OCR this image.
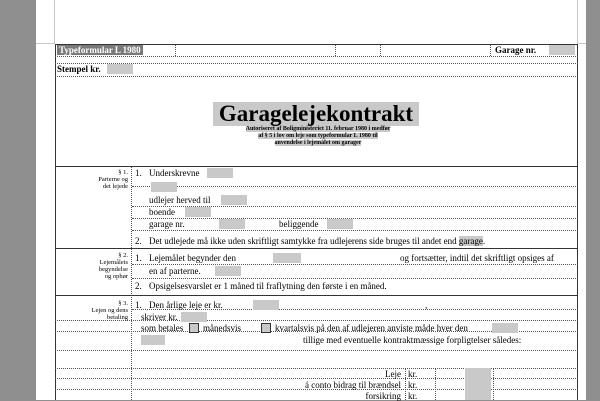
Typeformular L 1980	Garage nr.
Stempel kr.
Garagelejekontrakt
Autoriseret af Boligministeriet 11. februar 1980 i medfør
af § 5 i lov om leje som typeformular L 1980 til
anvendelse i lejemålet om garager
§ 1.
Parterne og
det lejede
1. Underskrevne
udlejer herved til
boende
garage nr.	beliggende
2. Det udlejede må ikke uden skriftligt samtykke fra udlejerens side bruges til andet end garage.
§ 2.
Lejemålets
begyndelse
og ophør
1. Lejemålet begynder den	og fortsætter, indtil det skriftligt opsiges af
en af parterne.
2. Opsigelsesvarslet er 1 måned til fraflytning den første i en måned.
§ 3.
Lejen og dens
betaling
1. Den årlige leje er kr.	,
skriver kr.
som betales månedsvis	kvartalsvis på den af udlejeren anviste måde hver den
tillige med eventuelle kontraktmæssige forpligtelser således:
Leje kr.
á conto bidrag til brændsel kr.
forsikring kr.
